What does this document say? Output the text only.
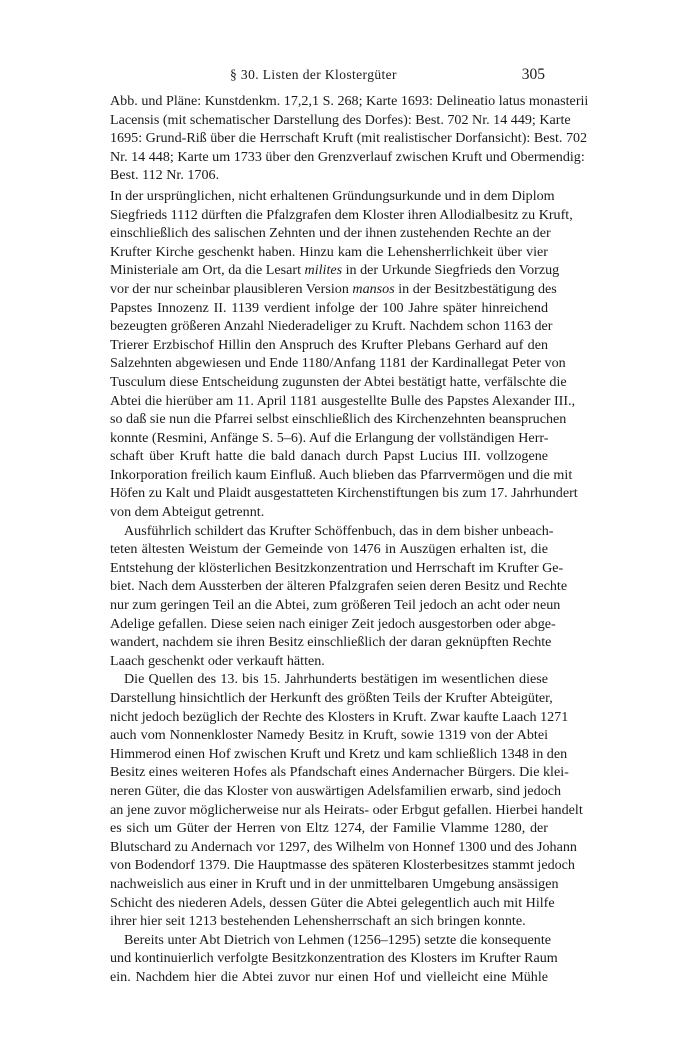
§ 30. Listen der Klostergüter	305

Abb. und Pläne: Kunstdenkm. 17,2,1 S. 268; Karte 1693: Delineatio latus monasterii
Lacensis (mit schematischer Darstellung des Dorfes): Best. 702 Nr. 14 449; Karte
1695: Grund-Riß über die Herrschaft Kruft (mit realistischer Dorfansicht): Best. 702
Nr. 14 448; Karte um 1733 über den Grenzverlauf zwischen Kruft und Obermendig:
Best. 112 Nr. 1706.

In der ursprünglichen, nicht erhaltenen Gründungsurkunde und in dem Diplom
Siegfrieds 1112 dürften die Pfalzgrafen dem Kloster ihren Allodialbesitz zu Kruft,
einschließlich des salischen Zehnten und der ihnen zustehenden Rechte an der
Krufter Kirche geschenkt haben. Hinzu kam die Lehensherrlichkeit über vier
Ministeriale am Ort, da die Lesart milites in der Urkunde Siegfrieds den Vorzug
vor der nur scheinbar plausibleren Version mansos in der Besitzbestätigung des
Papstes Innozenz II. 1139 verdient infolge der 100 Jahre später hinreichend
bezeugten größeren Anzahl Niederadeliger zu Kruft. Nachdem schon 1163 der
Trierer Erzbischof Hillin den Anspruch des Krufter Plebans Gerhard auf den
Salzehnten abgewiesen und Ende 1180/Anfang 1181 der Kardinallegat Peter von
Tusculum diese Entscheidung zugunsten der Abtei bestätigt hatte, verfälschte die
Abtei die hierüber am 11. April 1181 ausgestellte Bulle des Papstes Alexander III.,
so daß sie nun die Pfarrei selbst einschließlich des Kirchenzehnten beanspruchen
konnte (Resmini, Anfänge S. 5–6). Auf die Erlangung der vollständigen Herr-
schaft über Kruft hatte die bald danach durch Papst Lucius III. vollzogene
Inkorporation freilich kaum Einfluß. Auch blieben das Pfarrvermögen und die mit
Höfen zu Kalt und Plaidt ausgestatteten Kirchenstiftungen bis zum 17. Jahrhundert
von dem Abteigut getrennt.

Ausführlich schildert das Krufter Schöffenbuch, das in dem bisher unbeach-
teten ältesten Weistum der Gemeinde von 1476 in Auszügen erhalten ist, die
Entstehung der klösterlichen Besitzkonzentration und Herrschaft im Krufter Ge-
biet. Nach dem Aussterben der älteren Pfalzgrafen seien deren Besitz und Rechte
nur zum geringen Teil an die Abtei, zum größeren Teil jedoch an acht oder neun
Adelige gefallen. Diese seien nach einiger Zeit jedoch ausgestorben oder abge-
wandert, nachdem sie ihren Besitz einschließlich der daran geknüpften Rechte
Laach geschenkt oder verkauft hätten.

Die Quellen des 13. bis 15. Jahrhunderts bestätigen im wesentlichen diese
Darstellung hinsichtlich der Herkunft des größten Teils der Krufter Abteigüter,
nicht jedoch bezüglich der Rechte des Klosters in Kruft. Zwar kaufte Laach 1271
auch vom Nonnenkloster Namedy Besitz in Kruft, sowie 1319 von der Abtei
Himmerod einen Hof zwischen Kruft und Kretz und kam schließlich 1348 in den
Besitz eines weiteren Hofes als Pfandschaft eines Andernacher Bürgers. Die klei-
neren Güter, die das Kloster von auswärtigen Adelsfamilien erwarb, sind jedoch
an jene zuvor möglicherweise nur als Heirats- oder Erbgut gefallen. Hierbei handelt
es sich um Güter der Herren von Eltz 1274, der Familie Vlamme 1280, der
Blutschard zu Andernach vor 1297, des Wilhelm von Honnef 1300 und des Johann
von Bodendorf 1379. Die Hauptmasse des späteren Klosterbesitzes stammt jedoch
nachweislich aus einer in Kruft und in der unmittelbaren Umgebung ansässigen
Schicht des niederen Adels, dessen Güter die Abtei gelegentlich auch mit Hilfe
ihrer hier seit 1213 bestehenden Lehensherrschaft an sich bringen konnte.

Bereits unter Abt Dietrich von Lehmen (1256–1295) setzte die konsequente
und kontinuierlich verfolgte Besitzkonzentration des Klosters im Krufter Raum
ein. Nachdem hier die Abtei zuvor nur einen Hof und vielleicht eine Mühle
